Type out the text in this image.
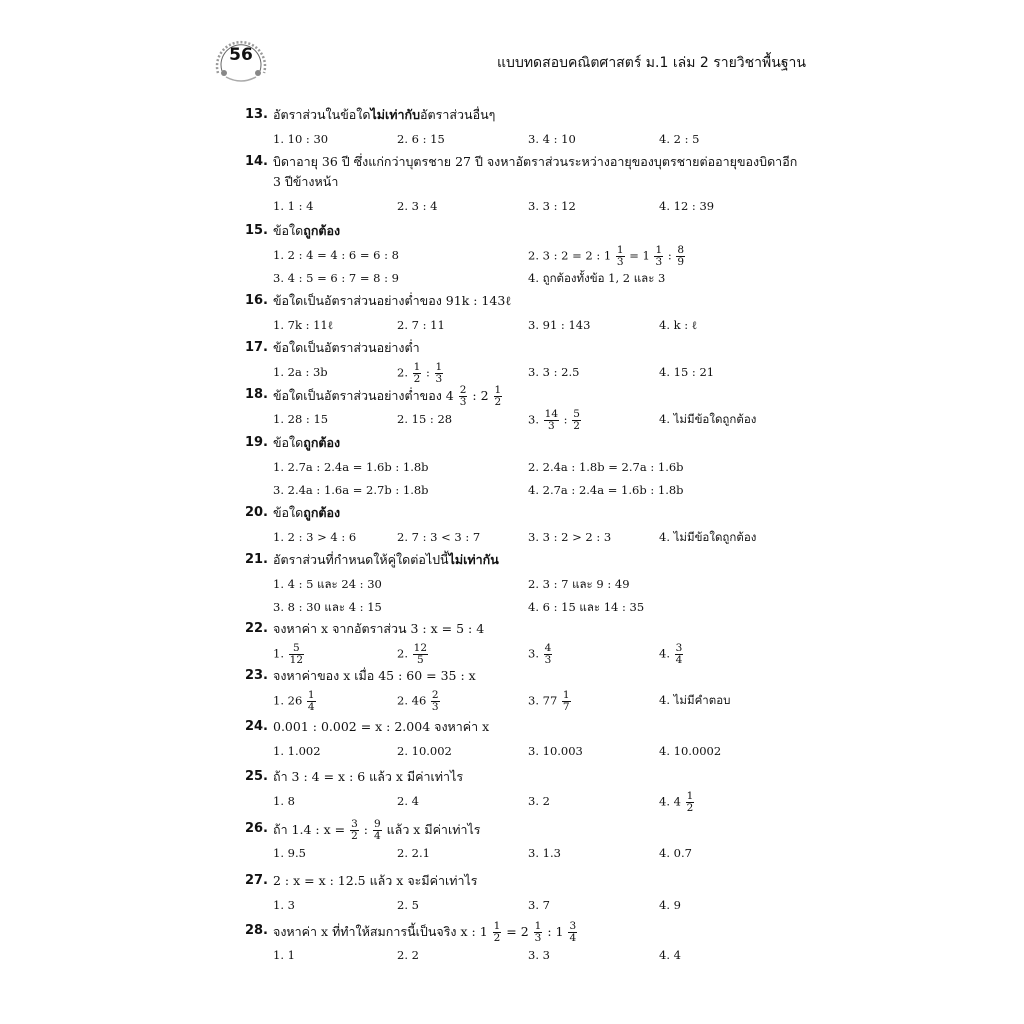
56	แบบทดสอบคณิตศาสตร์ ม.1 เล่ม 2 รายวิชาพื้นฐาน
13. อัตราส่วนในข้อใดไม่เท่ากับอัตราส่วนอื่นๆ
1. 10 : 30	2. 6 : 15	3. 4 : 10	4. 2 : 5
14. บิดาอายุ 36 ปี ซึ่งแก่กว่าบุตรชาย 27 ปี จงหาอัตราส่วนระหว่างอายุของบุตรชายต่ออายุของบิดาอีก
3 ปีข้างหน้า
1. 1 : 4	2. 3 : 4	3. 3 : 12	4. 12 : 39
15. ข้อใดถูกต้อง
1. 2 : 4 = 4 : 6 = 6 : 8	2. 3 : 2 = 2 : $1 \frac{1}{3} = 1 \frac{1}{3}$ : $\frac{8}{9}$
3. 4 : 5 = 6 : 7 = 8 : 9	4. ถูกต้องทั้งข้อ 1, 2 และ 3
16. ข้อใดเป็นอัตราส่วนอย่างต่ำของ 91k : 143ℓ
1. 7k : 11ℓ	2. 7 : 11	3. 91 : 143	4. k : ℓ
17. ข้อใดเป็นอัตราส่วนอย่างต่ำ
1. 2a : 3b	2. $\frac{1}{2}$ : $\frac{1}{3}$	3. 3 : 2.5	4. 15 : 21
18. ข้อใดเป็นอัตราส่วนอย่างต่ำของ $4 \frac{2}{3}$ : $2 \frac{1}{2}$
1. 28 : 15	2. 15 : 28	3. $\frac{14}{3}$ : $\frac{5}{2}$	4. ไม่มีข้อใดถูกต้อง
19. ข้อใดถูกต้อง
1. 2.7a : 2.4a = 1.6b : 1.8b	2. 2.4a : 1.8b = 2.7a : 1.6b
3. 2.4a : 1.6a = 2.7b : 1.8b	4. 2.7a : 2.4a = 1.6b : 1.8b
20. ข้อใดถูกต้อง
1. 2 : 3 > 4 : 6	2. 7 : 3 < 3 : 7	3. 3 : 2 > 2 : 3	4. ไม่มีข้อใดถูกต้อง
21. อัตราส่วนที่กำหนดให้คู่ใดต่อไปนี้ไม่เท่ากัน
1. 4 : 5 และ 24 : 30	2. 3 : 7 และ 9 : 49
3. 8 : 30 และ 4 : 15	4. 6 : 15 และ 14 : 35
22. จงหาค่า x จากอัตราส่วน 3 : x = 5 : 4
1. $\frac{5}{12}$	2. $\frac{12}{5}$	3. $\frac{4}{3}$	4. $\frac{3}{4}$
23. จงหาค่าของ x เมื่อ 45 : 60 = 35 : x
1. $26 \frac{1}{4}$	2. $46 \frac{2}{3}$	3. $77 \frac{1}{7}$	4. ไม่มีคำตอบ
24. 0.001 : 0.002 = x : 2.004 จงหาค่า x
1. 1.002	2. 10.002	3. 10.003	4. 10.0002
25. ถ้า 3 : 4 = x : 6 แล้ว x มีค่าเท่าไร
1. 8	2. 4	3. 2	4. $4 \frac{1}{2}$
26. ถ้า 1.4 : $x = \frac{3}{2}$ : $\frac{9}{4}$ แล้ว x มีค่าเท่าไร
1. 9.5	2. 2.1	3. 1.3	4. 0.7
27. 2 : x = x : 12.5 แล้ว x จะมีค่าเท่าไร
1. 3	2. 5	3. 7	4. 9
28. จงหาค่า x ที่ทำให้สมการนี้เป็นจริง x : $1 \frac{1}{2} = 2 \frac{1}{3}$ : $1 \frac{3}{4}$
1. 1	2. 2	3. 3	4. 4
